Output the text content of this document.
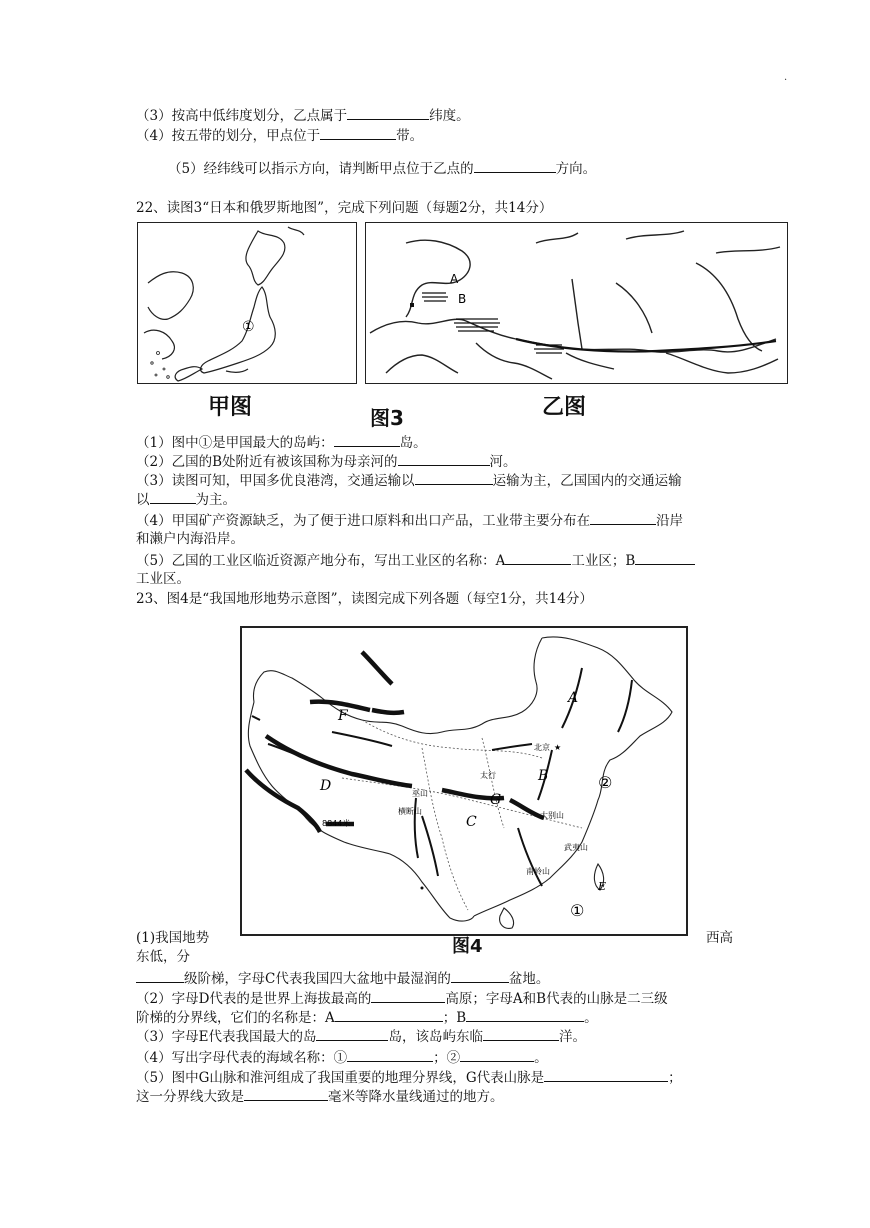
.
（3）按高中低纬度划分，乙点属于	纬度。
（4）按五带的划分，甲点位于	带。
（5）经纬线可以指示方向，请判断甲点位于乙点的	方向。
22、读图3“日本和俄罗斯地图”，完成下列问题（每题2分，共14分）
①
A
B
甲图	图3	乙图
（1）图中①是甲国最大的岛屿：	岛。
（2）乙国的B处附近有被该国称为母亲河的	河。
（3）读图可知，甲国多优良港湾，交通运输以	运输为主，乙国国内的交通运输
以	为主。
（4）甲国矿产资源缺乏，为了便于进口原料和出口产品，工业带主要分布在	沿岸
和濑户内海沿岸。
（5）乙国的工业区临近资源产地分布，写出工业区的名称：A	工业区；B
工业区。
23、图4是“我国地形地势示意图”，读图完成下列各题（每空1分，共14分）
A
B
C
D
F
G
E
②
①
北京 ★
8844米
太行
巫山
大别山
武夷山
南岭山
横断山
(1)我国地势	图4	西高
东低，分
级阶梯，字母C代表我国四大盆地中最湿润的	盆地。
（2）字母D代表的是世界上海拔最高的	高原；字母A和B代表的山脉是二三级
阶梯的分界线，它们的名称是：A	；B	。
（3）字母E代表我国最大的岛	岛，该岛屿东临	洋。
（4）写出字母代表的海域名称：①	；②	。
（5）图中G山脉和淮河组成了我国重要的地理分界线，G代表山脉是	；
这一分界线大致是	毫米等降水量线通过的地方。
